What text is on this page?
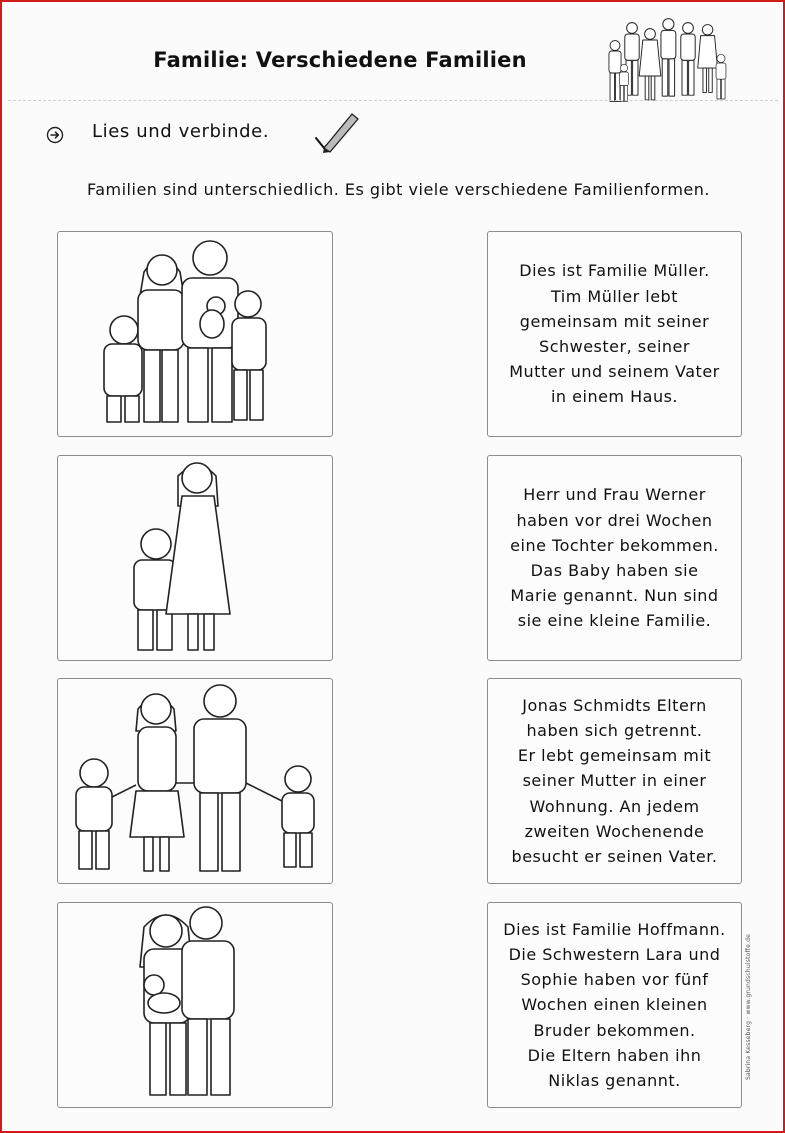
Familie: Verschiedene Familien
Lies und verbinde.
Familien sind unterschiedlich. Es gibt viele verschiedene Familienformen.
Dies ist Familie Müller.
Tim Müller lebt
gemeinsam mit seiner
Schwester, seiner
Mutter und seinem Vater
in einem Haus.
Herr und Frau Werner
haben vor drei Wochen
eine Tochter bekommen.
Das Baby haben sie
Marie genannt. Nun sind
sie eine kleine Familie.
Jonas Schmidts Eltern
haben sich getrennt.
Er lebt gemeinsam mit
seiner Mutter in einer
Wohnung. An jedem
zweiten Wochenende
besucht er seinen Vater.
Dies ist Familie Hoffmann.
Die Schwestern Lara und
Sophie haben vor fünf
Wochen einen kleinen
Bruder bekommen.
Die Eltern haben ihn
Niklas genannt.
Sabrina Kesseberg · www.grundschulstoffe.de
